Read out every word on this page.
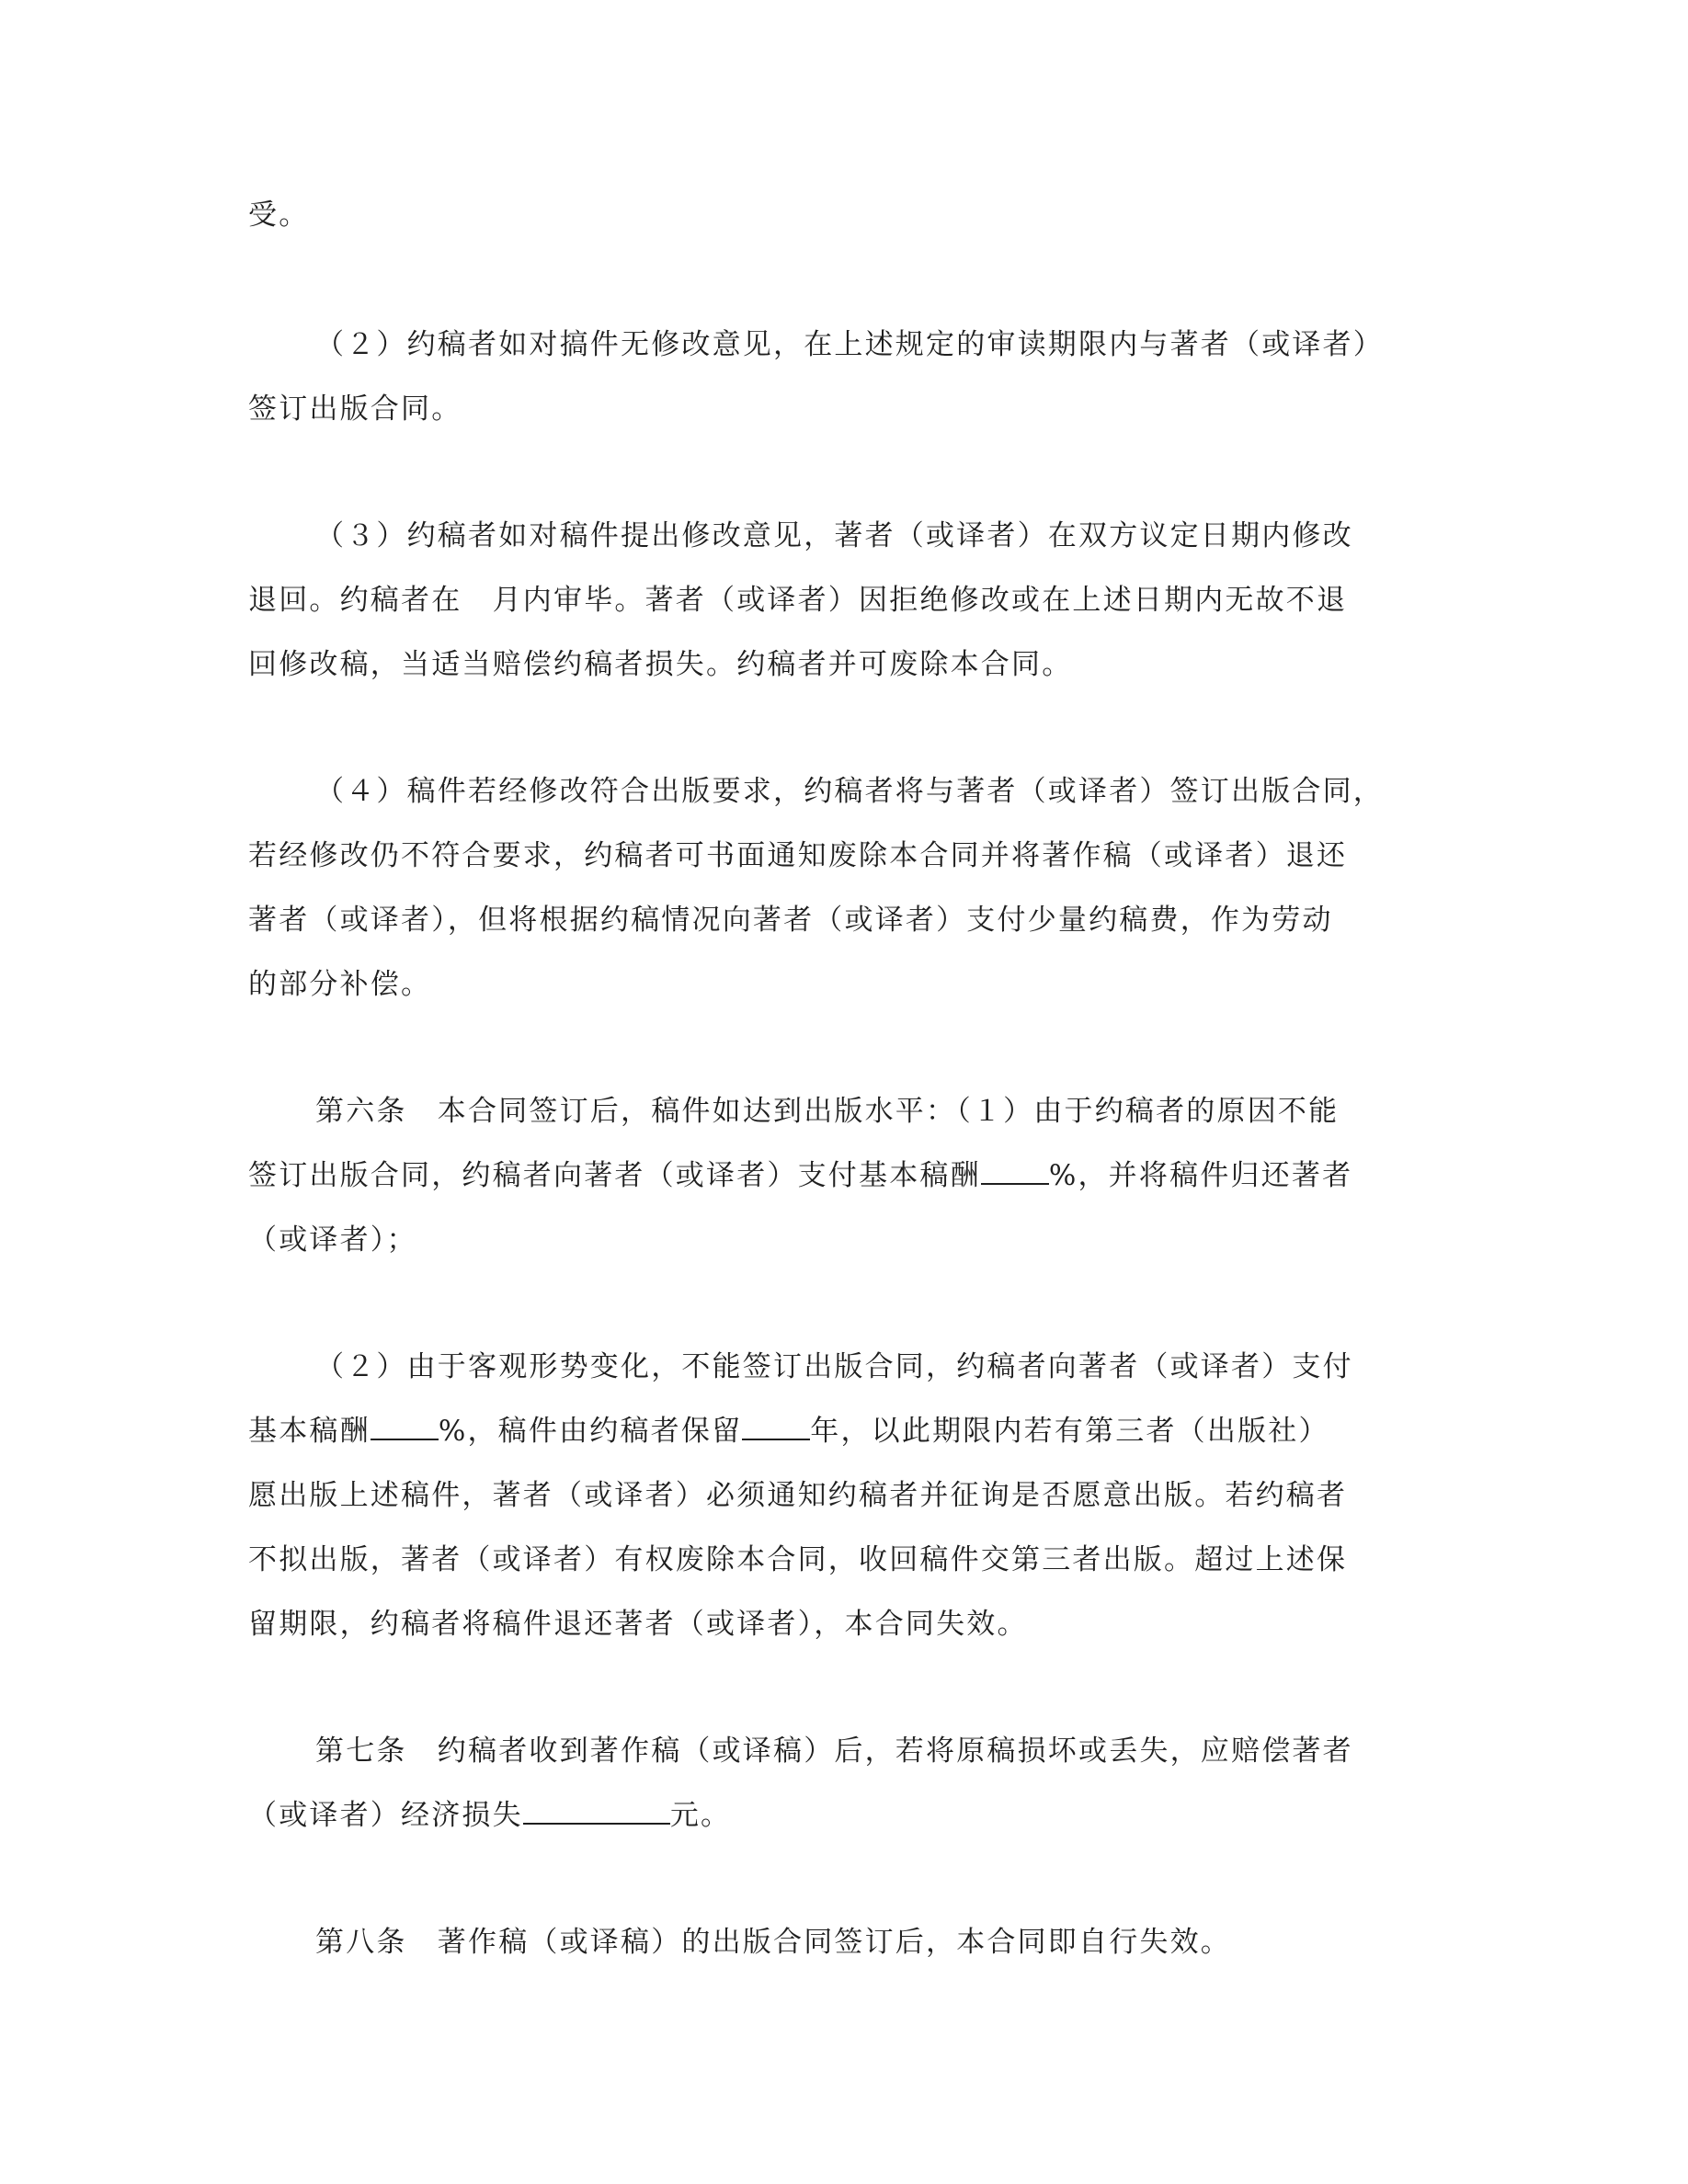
受。
（２）约稿者如对搞件无修改意见，在上述规定的审读期限内与著者（或译者）
签订出版合同。
（３）约稿者如对稿件提出修改意见，著者（或译者）在双方议定日期内修改
退回。约稿者在　月内审毕。著者（或译者）因拒绝修改或在上述日期内无故不退
回修改稿，当适当赔偿约稿者损失。约稿者并可废除本合同。
（４）稿件若经修改符合出版要求，约稿者将与著者（或译者）签订出版合同，
若经修改仍不符合要求，约稿者可书面通知废除本合同并将著作稿（或译者）退还
著者（或译者），但将根据约稿情况向著者（或译者）支付少量约稿费，作为劳动
的部分补偿。
第六条　本合同签订后，稿件如达到出版水平：（１）由于约稿者的原因不能
签订出版合同，约稿者向著者（或译者）支付基本稿酬 %，并将稿件归还著者
（或译者）；
（２）由于客观形势变化，不能签订出版合同，约稿者向著者（或译者）支付
基本稿酬 %，稿件由约稿者保留 年，以此期限内若有第三者（出版社）
愿出版上述稿件，著者（或译者）必须通知约稿者并征询是否愿意出版。若约稿者
不拟出版，著者（或译者）有权废除本合同，收回稿件交第三者出版。超过上述保
留期限，约稿者将稿件退还著者（或译者），本合同失效。
第七条　约稿者收到著作稿（或译稿）后，若将原稿损坏或丢失，应赔偿著者
（或译者）经济损失	元。
第八条　著作稿（或译稿）的出版合同签订后，本合同即自行失效。
